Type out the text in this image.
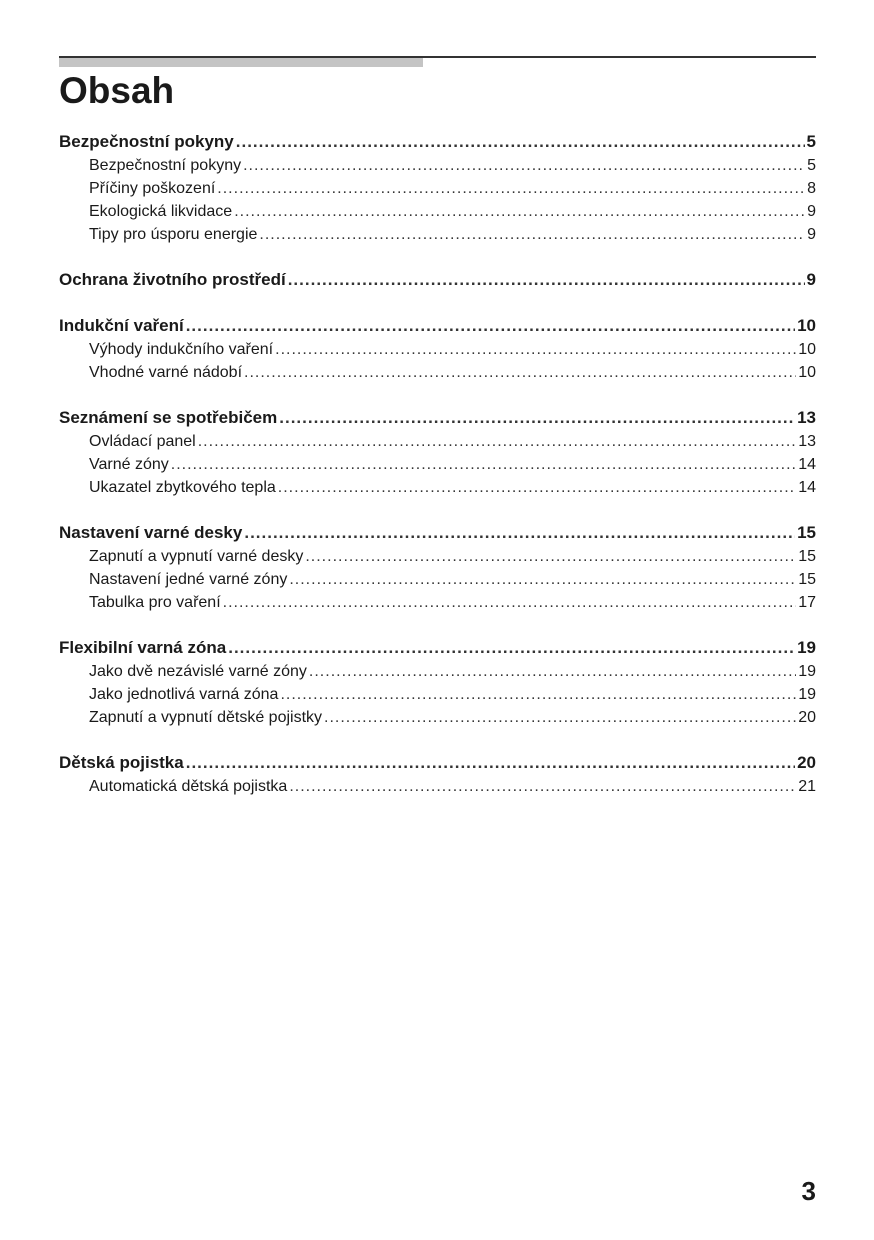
Obsah
Bezpečnostní pokyny .....	5
Bezpečnostní pokyny .....	5
Příčiny poškození .....	8
Ekologická likvidace .....	9
Tipy pro úsporu energie .....	9
Ochrana životního prostředí .....	9
Indukční vaření .....	10
Výhody indukčního vaření .....	10
Vhodné varné nádobí .....	10
Seznámení se spotřebičem .....	13
Ovládací panel .....	13
Varné zóny .....	14
Ukazatel zbytkového tepla .....	14
Nastavení varné desky .....	15
Zapnutí a vypnutí varné desky .....	15
Nastavení jedné varné zóny .....	15
Tabulka pro vaření .....	17
Flexibilní varná zóna .....	19
Jako dvě nezávislé varné zóny .....	19
Jako jednotlivá varná zóna .....	19
Zapnutí a vypnutí dětské pojistky .....	20
Dětská pojistka .....	20
Automatická dětská pojistka .....	21
3
